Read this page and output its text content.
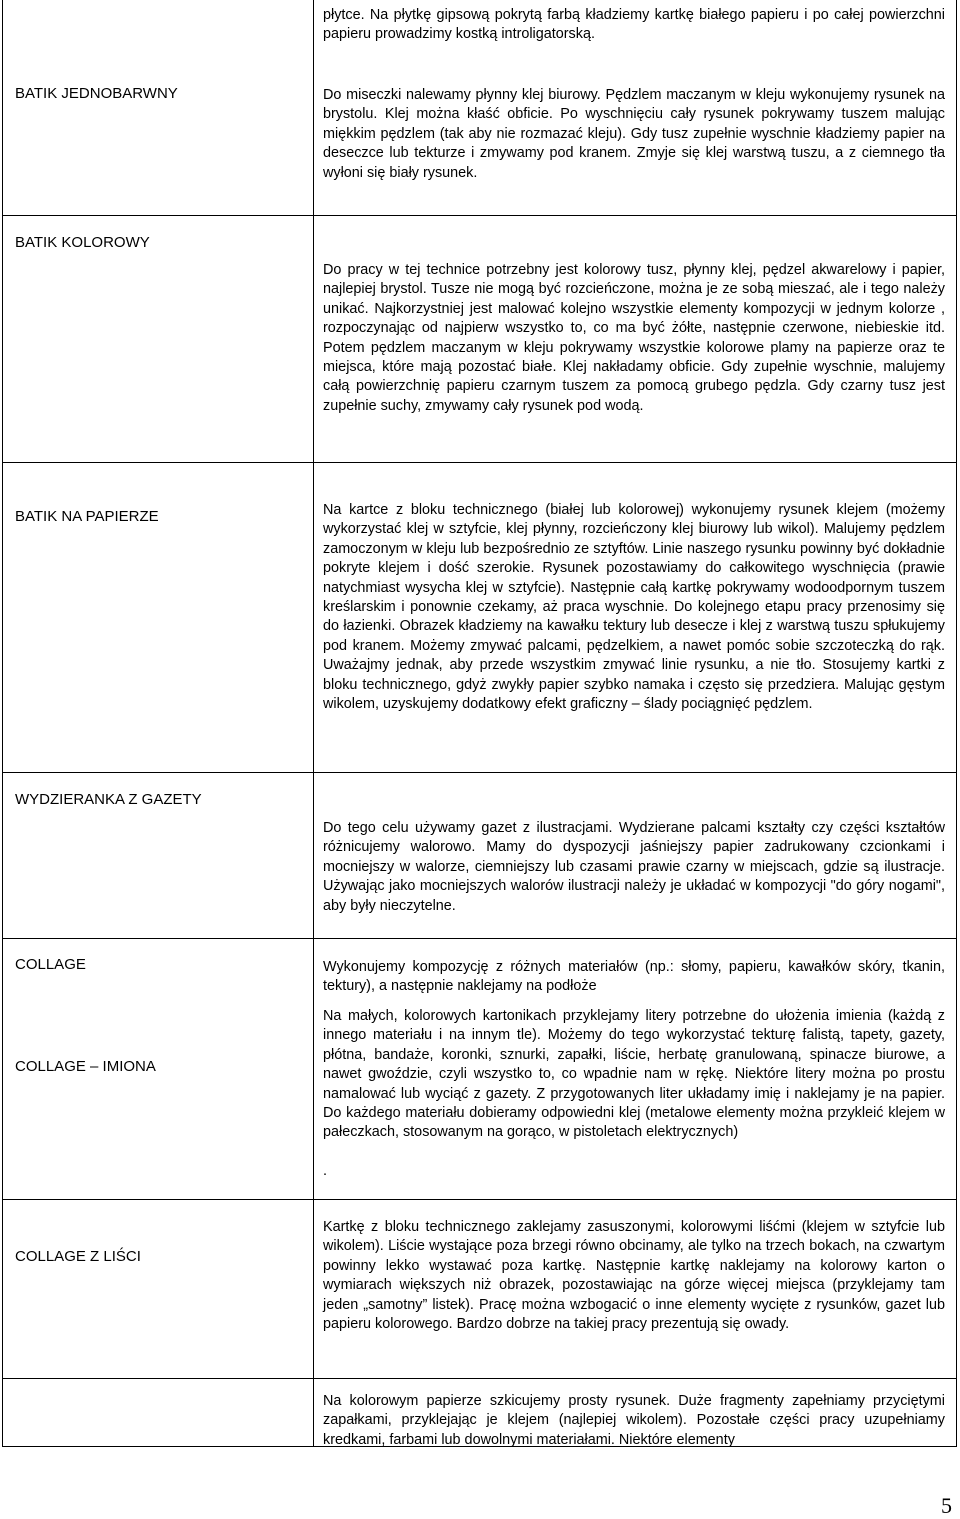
płytce. Na płytkę gipsową pokrytą farbą kładziemy kartkę białego papieru i po całej powierzchni papieru prowadzimy kostką introligatorską.

BATIK JEDNOBARWNY	Do miseczki nalewamy płynny klej biurowy. Pędzlem maczanym w kleju wykonujemy rysunek na brystolu. Klej można kłaść obficie. Po wyschnięciu cały rysunek pokrywamy tuszem malując miękkim pędzlem (tak aby nie rozmazać kleju). Gdy tusz zupełnie wyschnie kładziemy papier na deseczce lub tekturze i zmywamy pod kranem. Zmyje się klej warstwą tuszu, a z ciemnego tła wyłoni się biały rysunek.

BATIK KOLOROWY

Do pracy w tej technice potrzebny jest kolorowy tusz, płynny klej, pędzel akwarelowy i papier, najlepiej brystol. Tusze nie mogą być rozcieńczone, można je ze sobą mieszać, ale i tego należy unikać. Najkorzystniej jest malować kolejno wszystkie elementy kompozycji w jednym kolorze , rozpoczynając od najpierw wszystko to, co ma być żółte, następnie czerwone, niebieskie itd. Potem pędzlem maczanym w kleju pokrywamy wszystkie kolorowe plamy na papierze oraz te miejsca, które mają pozostać białe. Klej nakładamy obficie. Gdy zupełnie wyschnie, malujemy całą powierzchnię papieru czarnym tuszem za pomocą grubego pędzla. Gdy czarny tusz jest zupełnie suchy, zmywamy cały rysunek pod wodą.

BATIK NA PAPIERZE	Na kartce z bloku technicznego (białej lub kolorowej) wykonujemy rysunek klejem (możemy wykorzystać klej w sztyfcie, klej płynny, rozcieńczony klej biurowy lub wikol). Malujemy pędzlem zamoczonym w kleju lub bezpośrednio ze sztyftów. Linie naszego rysunku powinny być dokładnie pokryte klejem i dość szerokie. Rysunek pozostawiamy do całkowitego wyschnięcia (prawie natychmiast wysycha klej w sztyfcie). Następnie całą kartkę pokrywamy wodoodpornym tuszem kreślarskim i ponownie czekamy, aż praca wyschnie. Do kolejnego etapu pracy przenosimy się do łazienki. Obrazek kładziemy na kawałku tektury lub desecze i klej z warstwą tuszu spłukujemy pod kranem. Możemy zmywać palcami, pędzelkiem, a nawet pomóc sobie szczoteczką do rąk. Uważajmy jednak, aby przede wszystkim zmywać linie rysunku, a nie tło. Stosujemy kartki z bloku technicznego, gdyż zwykły papier szybko namaka i często się przedziera. Malując gęstym wikolem, uzyskujemy dodatkowy efekt graficzny – ślady pociągnięć pędzlem.

WYDZIERANKA Z GAZETY

Do tego celu używamy gazet z ilustracjami. Wydzierane palcami kształty czy części kształtów różnicujemy walorowo. Mamy do dyspozycji jaśniejszy papier zadrukowany czcionkami i mocniejszy w walorze, ciemniejszy lub czasami prawie czarny w miejscach, gdzie są ilustracje. Używając jako mocniejszych walorów ilustracji należy je układać w kompozycji "do góry nogami", aby były nieczytelne.

COLLAGE
COLLAGE – IMIONA

Wykonujemy kompozycję z różnych materiałów (np.: słomy, papieru, kawałków skóry, tkanin, tektury), a następnie naklejamy na podłoże

Na małych, kolorowych kartonikach przyklejamy litery potrzebne do ułożenia imienia (każdą z innego materiału i na innym tle). Możemy do tego wykorzystać tekturę falistą, tapety, gazety, płótna, bandaże, koronki, sznurki, zapałki, liście, herbatę granulowaną, spinacze biurowe, a nawet gwoździe, czyli wszystko to, co wpadnie nam w rękę. Niektóre litery można po prostu namalować lub wyciąć z gazety. Z przygotowanych liter układamy imię i naklejamy je na papier. Do każdego materiału dobieramy odpowiedni klej (metalowe elementy można przykleić klejem w pałeczkach, stosowanym na gorąco, w pistoletach elektrycznych)

.

COLLAGE Z LIŚCI

Kartkę z bloku technicznego zaklejamy zasuszonymi, kolorowymi liśćmi (klejem w sztyfcie lub wikolem). Liście wystające poza brzegi równo obcinamy, ale tylko na trzech bokach, na czwartym powinny lekko wystawać poza kartkę. Następnie kartkę naklejamy na kolorowy karton o wymiarach większych niż obrazek, pozostawiając na górze więcej miejsca (przyklejamy tam jeden „samotny” listek). Pracę można wzbogacić o inne elementy wycięte z rysunków, gazet lub papieru kolorowego. Bardzo dobrze na takiej pracy prezentują się owady.

Na kolorowym papierze szkicujemy prosty rysunek. Duże fragmenty zapełniamy przyciętymi zapałkami, przyklejając je klejem (najlepiej wikolem). Pozostałe części pracy uzupełniamy kredkami, farbami lub dowolnymi materiałami. Niektóre elementy

5
